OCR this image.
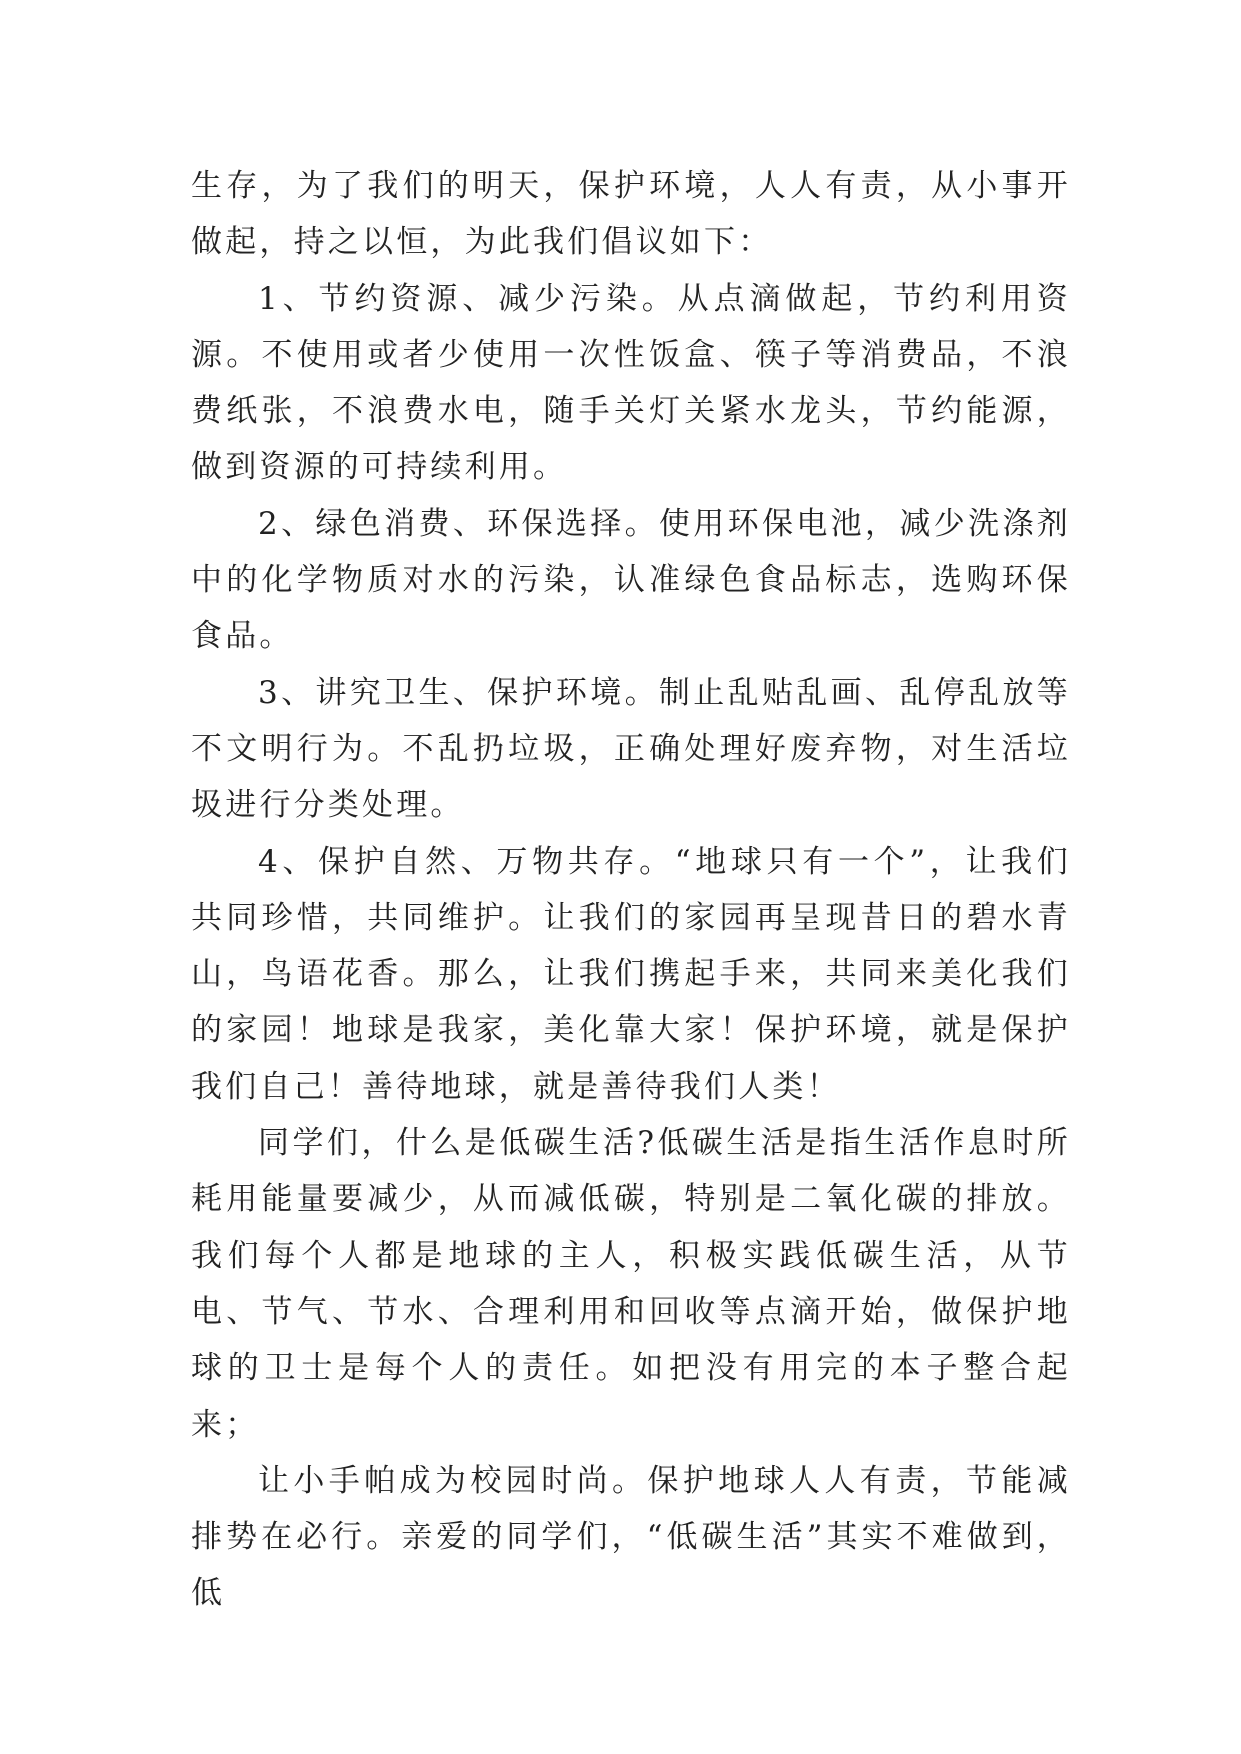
生存，为了我们的明天，保护环境，人人有责，从小事开做起，持之以恒，为此我们倡议如下：

1、节约资源、减少污染。从点滴做起，节约利用资源。不使用或者少使用一次性饭盒、筷子等消费品，不浪费纸张，不浪费水电，随手关灯关紧水龙头，节约能源，做到资源的可持续利用。

2、绿色消费、环保选择。使用环保电池，减少洗涤剂中的化学物质对水的污染，认准绿色食品标志，选购环保食品。

3、讲究卫生、保护环境。制止乱贴乱画、乱停乱放等不文明行为。不乱扔垃圾，正确处理好废弃物，对生活垃圾进行分类处理。

4、保护自然、万物共存。“地球只有一个”，让我们共同珍惜，共同维护。让我们的家园再呈现昔日的碧水青山，鸟语花香。那么，让我们携起手来，共同来美化我们的家园！地球是我家，美化靠大家！保护环境，就是保护我们自己！善待地球，就是善待我们人类！

同学们，什么是低碳生活?低碳生活是指生活作息时所耗用能量要减少，从而减低碳，特别是二氧化碳的排放。我们每个人都是地球的主人，积极实践低碳生活，从节电、节气、节水、合理利用和回收等点滴开始，做保护地球的卫士是每个人的责任。如把没有用完的本子整合起来；

让小手帕成为校园时尚。保护地球人人有责，节能减排势在必行。亲爱的同学们，“低碳生活”其实不难做到，低
